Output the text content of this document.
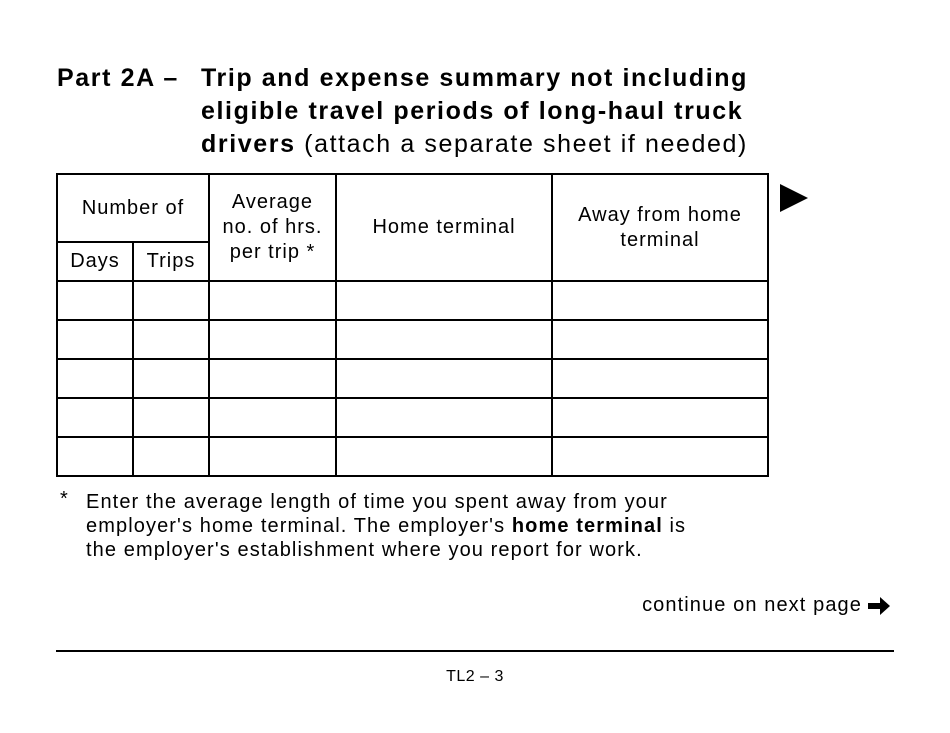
Part 2A – Trip and expense summary not including
eligible travel periods of long-haul truck
drivers (attach a separate sheet if needed)
Number of		Average no. of hrs. per trip *	Home terminal	Away from home terminal
Days	Trips			

* Enter the average length of time you spent away from your
employer's home terminal. The employer's home terminal is
the employer's establishment where you report for work.
continue on next page
TL2 – 3
